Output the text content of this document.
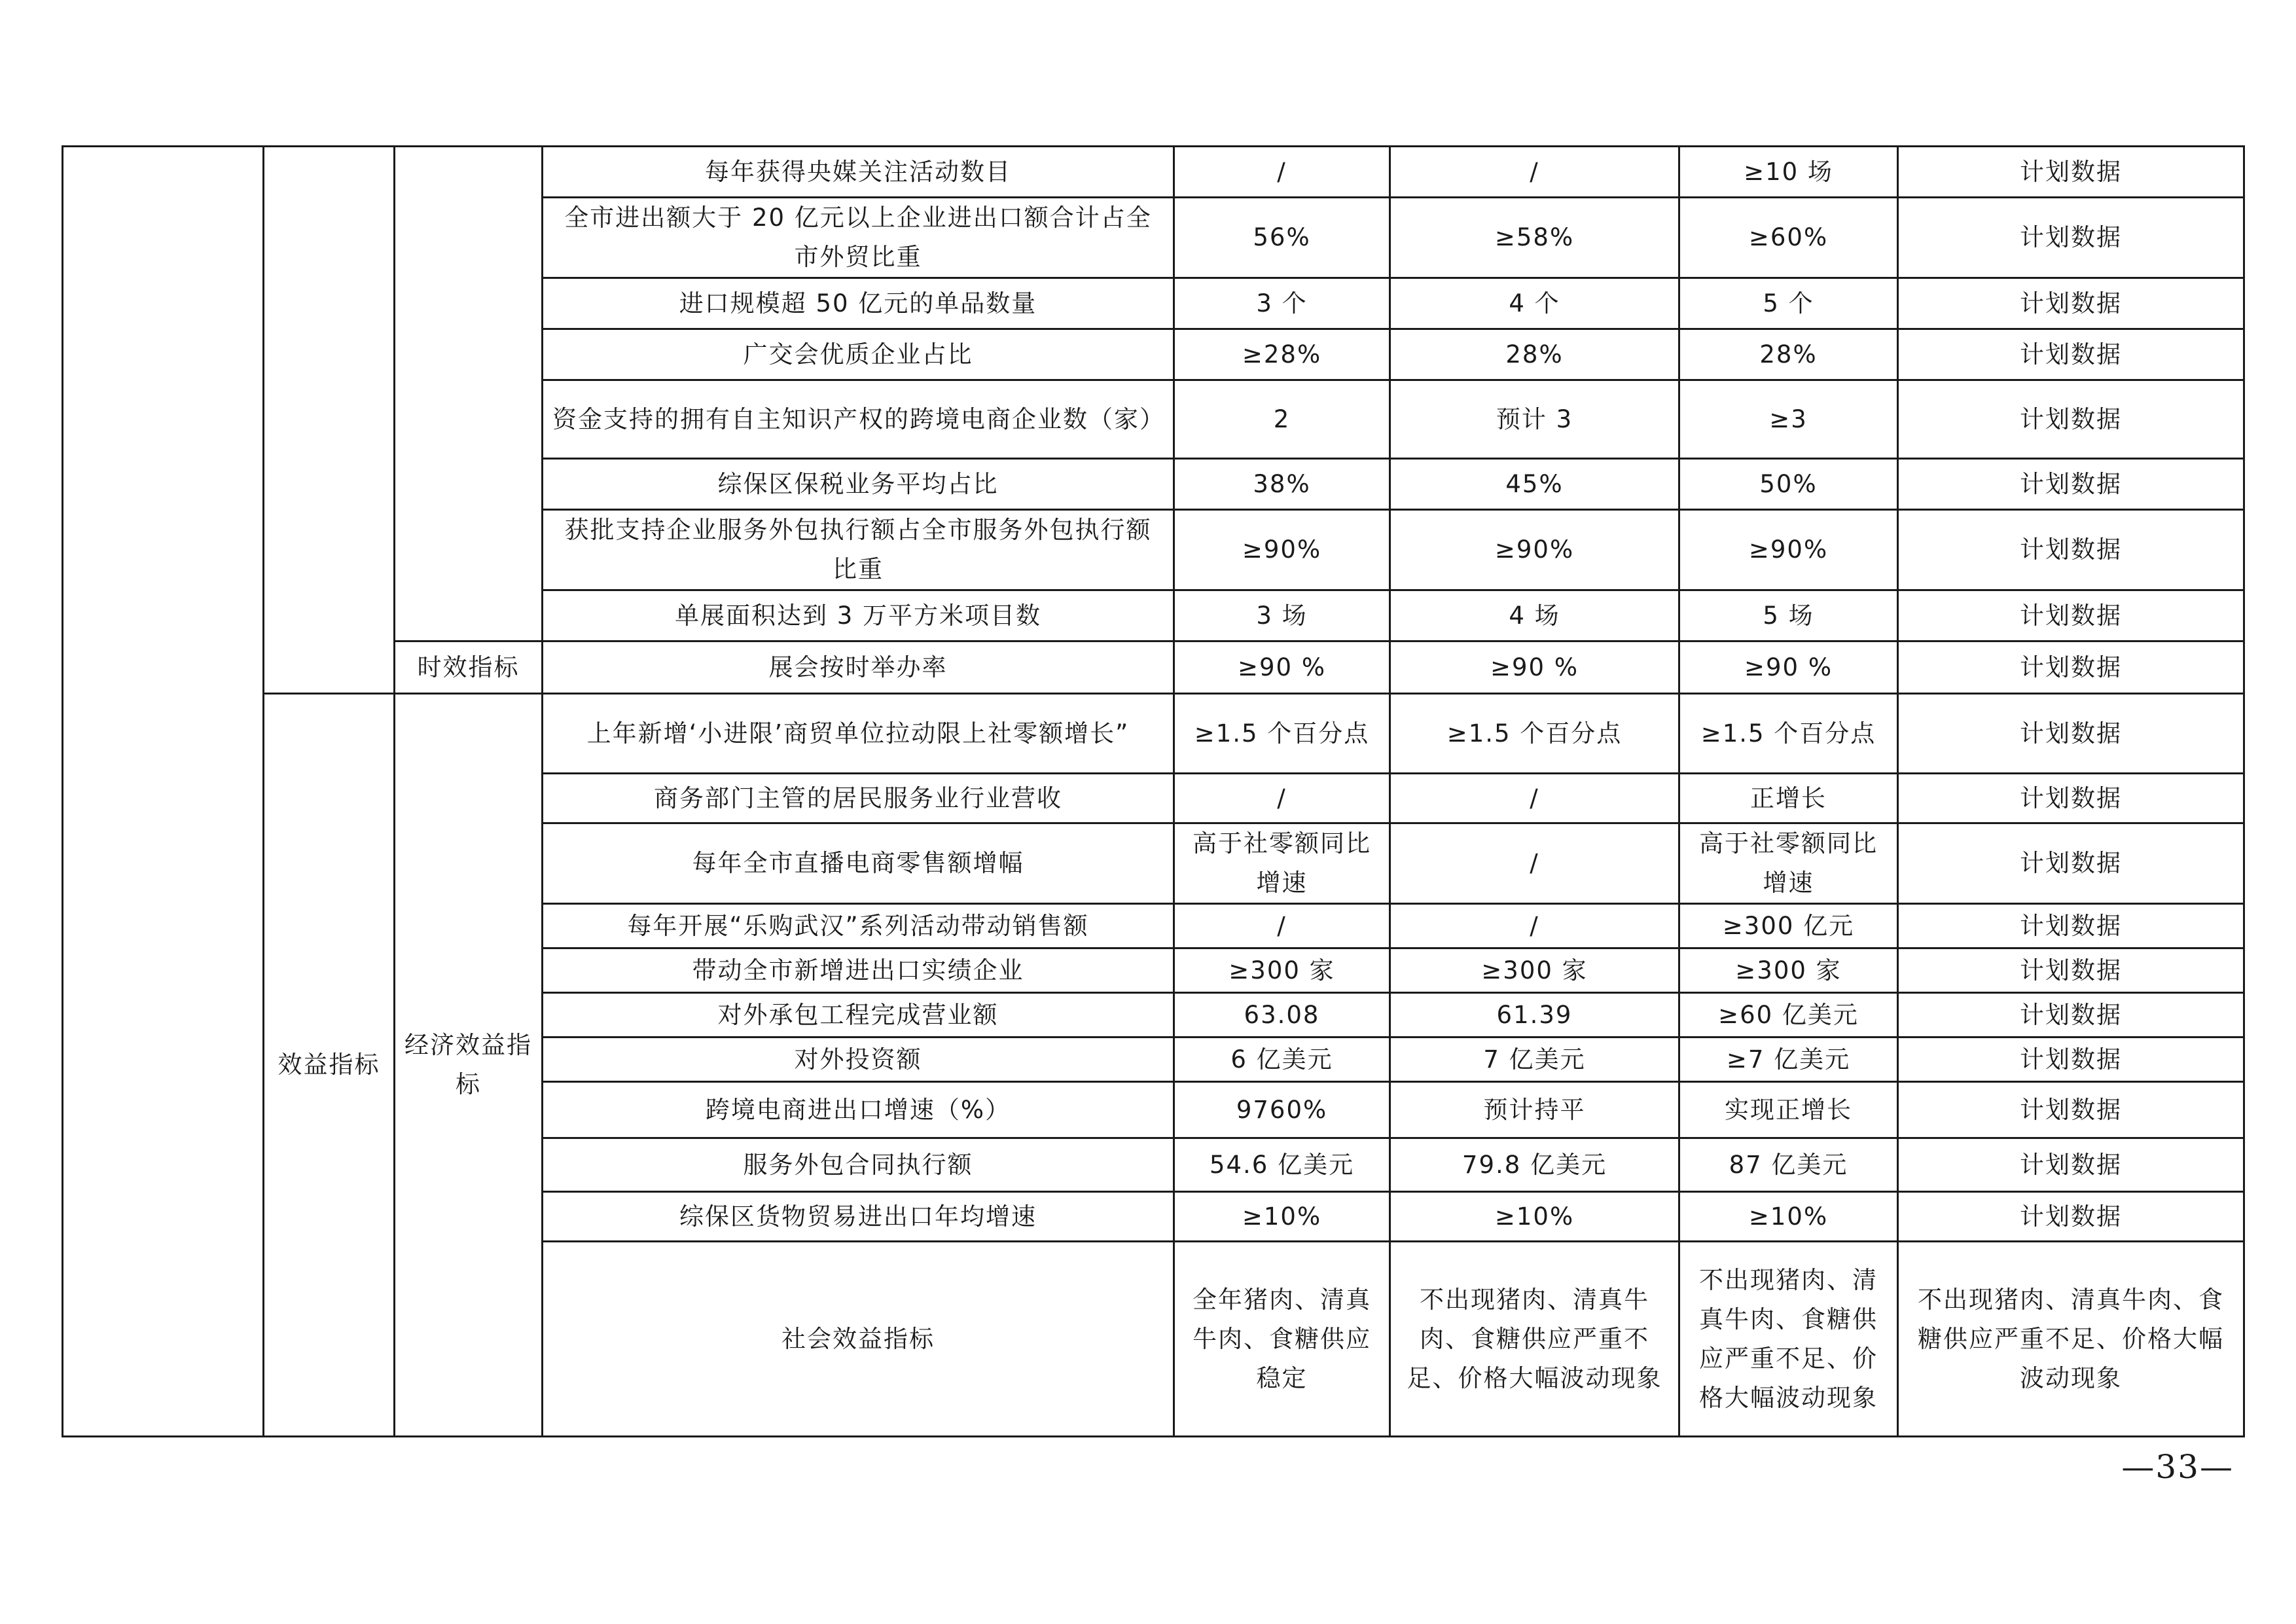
			每年获得央媒关注活动数目	/	/	≥10 场	计划数据	
			全市进出额大于 20 亿元以上企业进出口额合计占全市外贸比重	56%	≥58%	≥60%	计划数据	
			进口规模超 50 亿元的单品数量	3 个	4 个	5 个	计划数据	
			广交会优质企业占比	≥28%	28%	28%	计划数据	
			资金支持的拥有自主知识产权的跨境电商企业数（家）	2	预计 3	≥3	计划数据	
			综保区保税业务平均占比	38%	45%	50%	计划数据	
			获批支持企业服务外包执行额占全市服务外包执行额比重	≥90%	≥90%	≥90%	计划数据	
			单展面积达到 3 万平方米项目数	3 场	4 场	5 场	计划数据	
		时效指标	展会按时举办率	≥90 %	≥90 %	≥90 %	计划数据	
	效益指标	经济效益指标	上年新增‘小进限’商贸单位拉动限上社零额增长”	≥1.5 个百分点	≥1.5 个百分点	≥1.5 个百分点	计划数据	
			商务部门主管的居民服务业行业营收	/	/	正增长	计划数据	
			每年全市直播电商零售额增幅	高于社零额同比增速	/	高于社零额同比增速	计划数据	
			每年开展“乐购武汉”系列活动带动销售额	/	/	≥300 亿元	计划数据	
			带动全市新增进出口实绩企业	≥300 家	≥300 家	≥300 家	计划数据	
			对外承包工程完成营业额	63.08	61.39	≥60 亿美元	计划数据	
			对外投资额	6 亿美元	7 亿美元	≥7 亿美元	计划数据	
			跨境电商进出口增速（%）	9760%	预计持平	实现正增长	计划数据	
			服务外包合同执行额	54.6 亿美元	79.8 亿美元	87 亿美元	计划数据	
			综保区货物贸易进出口年均增速	≥10%	≥10%	≥10%	计划数据	
			社会效益指标	全年猪肉、清真牛肉、食糖供应稳定	不出现猪肉、清真牛肉、食糖供应严重不足、价格大幅波动现象	不出现猪肉、清真牛肉、食糖供应严重不足、价格大幅波动现象	不出现猪肉、清真牛肉、食糖供应严重不足、价格大幅波动现象	
—33—
